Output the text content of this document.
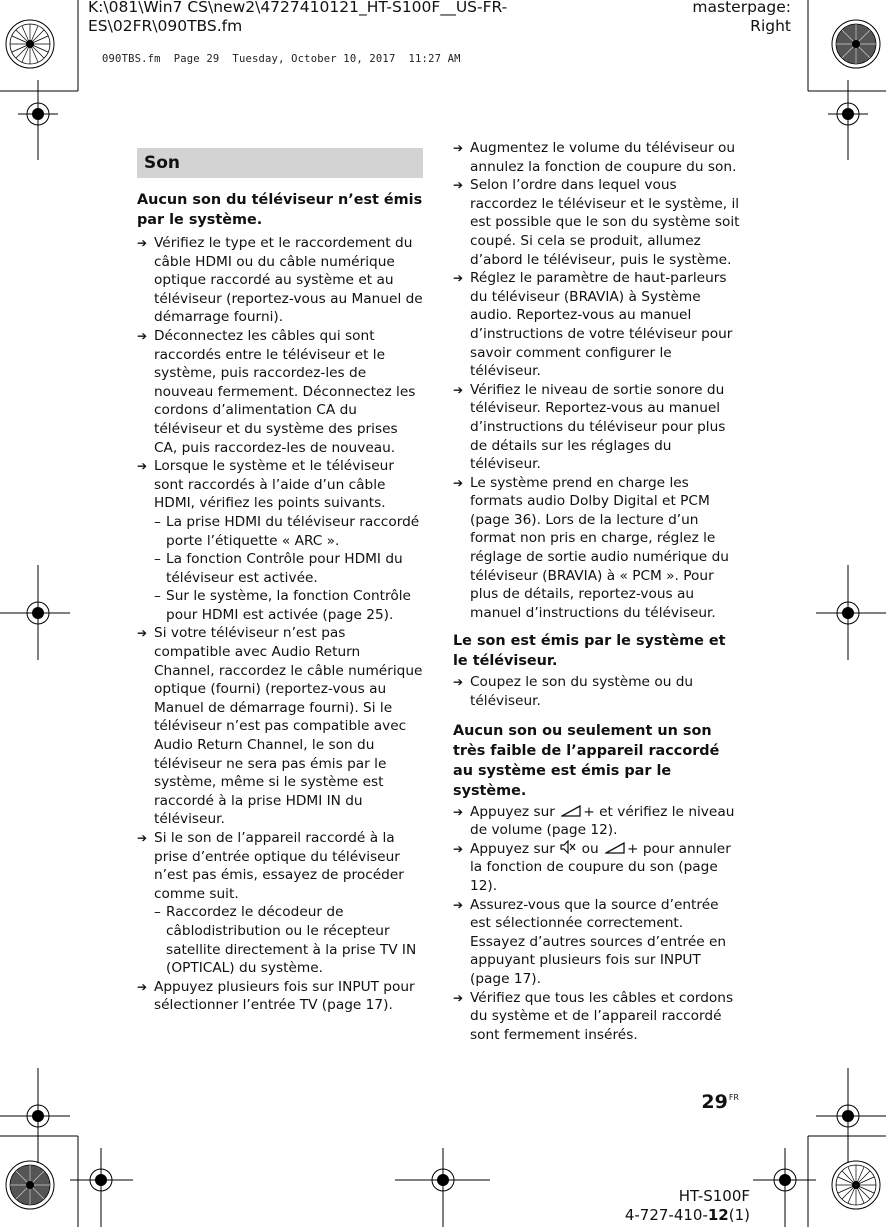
K:\081\Win7 CS\new2\4727410121_HT-S100F__US-FR-ES\02FR\090TBS.fm
masterpage:
Right
090TBS.fm  Page 29  Tuesday, October 10, 2017  11:27 AM
Son
Aucun son du téléviseur n’est émis par le système.
➔ Vérifiez le type et le raccordement du câble HDMI ou du câble numérique optique raccordé au système et au téléviseur (reportez-vous au Manuel de démarrage fourni).
➔ Déconnectez les câbles qui sont raccordés entre le téléviseur et le système, puis raccordez-les de nouveau fermement. Déconnectez les cordons d’alimentation CA du téléviseur et du système des prises CA, puis raccordez-les de nouveau.
➔ Lorsque le système et le téléviseur sont raccordés à l’aide d’un câble HDMI, vérifiez les points suivants.
– La prise HDMI du téléviseur raccordé porte l’étiquette « ARC ».
– La fonction Contrôle pour HDMI du téléviseur est activée.
– Sur le système, la fonction Contrôle pour HDMI est activée (page 25).
➔ Si votre téléviseur n’est pas compatible avec Audio Return Channel, raccordez le câble numérique optique (fourni) (reportez-vous au Manuel de démarrage fourni). Si le téléviseur n’est pas compatible avec Audio Return Channel, le son du téléviseur ne sera pas émis par le système, même si le système est raccordé à la prise HDMI IN du téléviseur.
➔ Si le son de l’appareil raccordé à la prise d’entrée optique du téléviseur n’est pas émis, essayez de procéder comme suit.
– Raccordez le décodeur de câblodistribution ou le récepteur satellite directement à la prise TV IN (OPTICAL) du système.
➔ Appuyez plusieurs fois sur INPUT pour sélectionner l’entrée TV (page 17).
➔ Augmentez le volume du téléviseur ou annulez la fonction de coupure du son.
➔ Selon l’ordre dans lequel vous raccordez le téléviseur et le système, il est possible que le son du système soit coupé. Si cela se produit, allumez d’abord le téléviseur, puis le système.
➔ Réglez le paramètre de haut-parleurs du téléviseur (BRAVIA) à Système audio. Reportez-vous au manuel d’instructions de votre téléviseur pour savoir comment configurer le téléviseur.
➔ Vérifiez le niveau de sortie sonore du téléviseur. Reportez-vous au manuel d’instructions du téléviseur pour plus de détails sur les réglages du téléviseur.
➔ Le système prend en charge les formats audio Dolby Digital et PCM (page 36). Lors de la lecture d’un format non pris en charge, réglez le réglage de sortie audio numérique du téléviseur (BRAVIA) à « PCM ». Pour plus de détails, reportez-vous au manuel d’instructions du téléviseur.
Le son est émis par le système et le téléviseur.
➔ Coupez le son du système ou du téléviseur.
Aucun son ou seulement un son très faible de l’appareil raccordé au système est émis par le système.
➔ Appuyez sur + et vérifiez le niveau de volume (page 12).
➔ Appuyez sur ou + pour annuler la fonction de coupure du son (page 12).
➔ Assurez-vous que la source d’entrée est sélectionnée correctement. Essayez d’autres sources d’entrée en appuyant plusieurs fois sur INPUT (page 17).
➔ Vérifiez que tous les câbles et cordons du système et de l’appareil raccordé sont fermement insérés.
$29^{FR}$
HT-S100F
4-727-410-12(1)
